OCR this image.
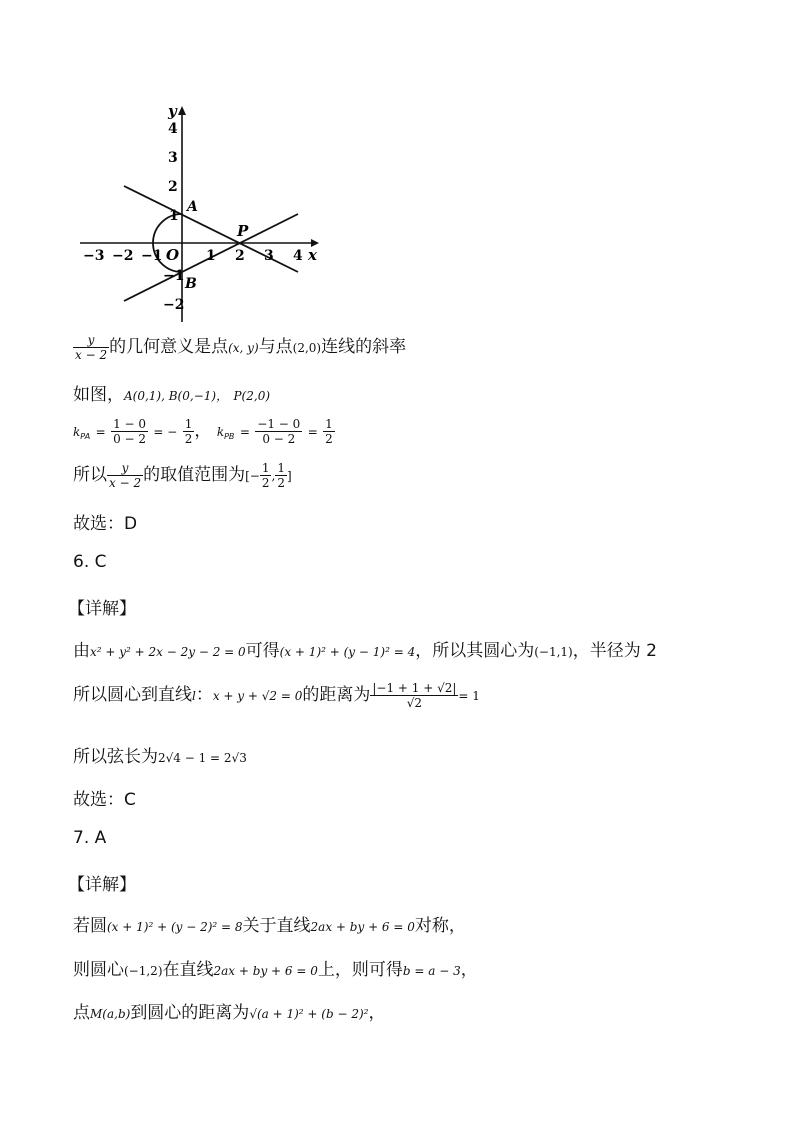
y
x
4
3
2
1
−1
−2
−3 −2 −1 O 1 2 3 4
A
B
P
$\frac{y}{x - 2}$ 的几何意义是点(x, y)与点(2,0)连线的斜率
如图，A(0,1), B(0,−1)， P(2,0)
$k_{PA} = \frac{1 - 0}{0 - 2}$ = − $\frac{1}{2}$ ， $k_{PB} = \frac{-1 - 0}{0 - 2} = \frac{1}{2}$
所以 $\frac{y}{x - 2}$ 的取值范围为[− $\frac{1}{2}$ , $\frac{1}{2}$ ]
故选：D
6. C
【详解】
由x² + y² + 2x − 2y − 2 = 0可得(x + 1)² + (y − 1)² = 4，所以其圆心为(−1,1)，半径为 2
所以圆心到直线l：x + y + √2 = 0的距离为 $\frac{|-1 + 1 + √2|}{√2} = 1$
所以弦长为2√4 − 1 = 2√3
故选：C
7. A
【详解】
若圆(x + 1)² + (y − 2)² = 8关于直线2ax + by + 6 = 0对称，
则圆心(−1,2)在直线2ax + by + 6 = 0上，则可得b = a − 3，
点M(a,b)到圆心的距离为√(a + 1)² + (b − 2)²，
